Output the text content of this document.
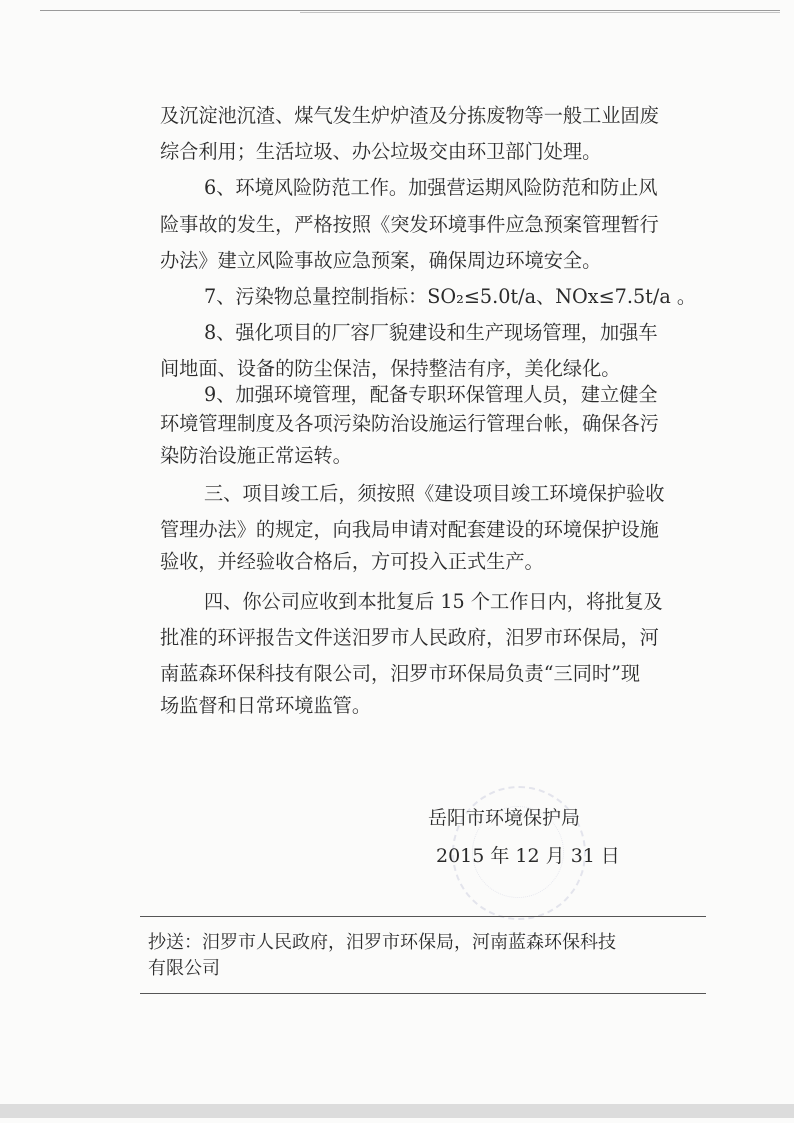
及沉淀池沉渣、煤气发生炉炉渣及分拣废物等一般工业固废
综合利用；生活垃圾、办公垃圾交由环卫部门处理。
6、环境风险防范工作。加强营运期风险防范和防止风
险事故的发生，严格按照《突发环境事件应急预案管理暂行
办法》建立风险事故应急预案，确保周边环境安全。
7、污染物总量控制指标：SO₂≤5.0t/a、NOx≤7.5t/a 。
8、强化项目的厂容厂貌建设和生产现场管理，加强车
间地面、设备的防尘保洁，保持整洁有序，美化绿化。
9、加强环境管理，配备专职环保管理人员，建立健全
环境管理制度及各项污染防治设施运行管理台帐，确保各污
染防治设施正常运转。
三、项目竣工后，须按照《建设项目竣工环境保护验收
管理办法》的规定，向我局申请对配套建设的环境保护设施
验收，并经验收合格后，方可投入正式生产。
四、你公司应收到本批复后 15 个工作日内，将批复及
批准的环评报告文件送汨罗市人民政府，汨罗市环保局，河
南蓝森环保科技有限公司，汨罗市环保局负责“三同时”现
场监督和日常环境监管。
岳阳市环境保护局
2015 年 12 月 31 日
抄送：汨罗市人民政府，汨罗市环保局，河南蓝森环保科技
有限公司
